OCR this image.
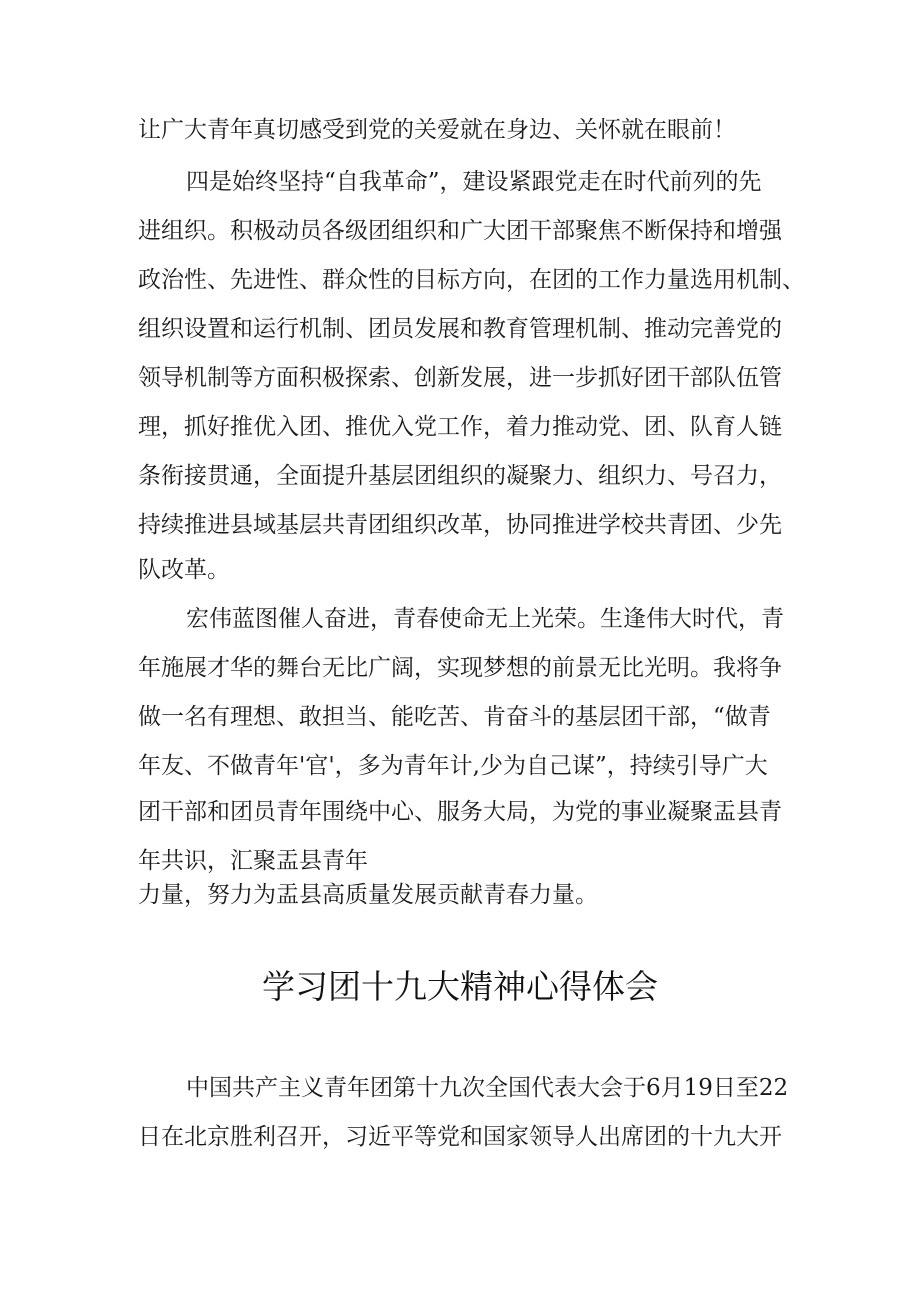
让广大青年真切感受到党的关爱就在身边、关怀就在眼前！
四是始终坚持“自我革命”，建设紧跟党走在时代前列的先
进组织。积极动员各级团组织和广大团干部聚焦不断保持和增强
政治性、先进性、群众性的目标方向，在团的工作力量选用机制、
组织设置和运行机制、团员发展和教育管理机制、推动完善党的
领导机制等方面积极探索、创新发展，进一步抓好团干部队伍管
理，抓好推优入团、推优入党工作，着力推动党、团、队育人链
条衔接贯通，全面提升基层团组织的凝聚力、组织力、号召力，
持续推进县域基层共青团组织改革，协同推进学校共青团、少先
队改革。
宏伟蓝图催人奋进，青春使命无上光荣。生逢伟大时代，青
年施展才华的舞台无比广阔，实现梦想的前景无比光明。我将争
做一名有理想、敢担当、能吃苦、肯奋斗的基层团干部，“做青
年友、不做青年'官'，多为青年计,少为自己谋”，持续引导广大
团干部和团员青年围绕中心、服务大局，为党的事业凝聚盂县青
年共识，汇聚盂县青年
力量，努力为盂县高质量发展贡献青春力量。
学习团十九大精神心得体会
中国共产主义青年团第十九次全国代表大会于6月19日至22
日在北京胜利召开，习近平等党和国家领导人出席团的十九大开
